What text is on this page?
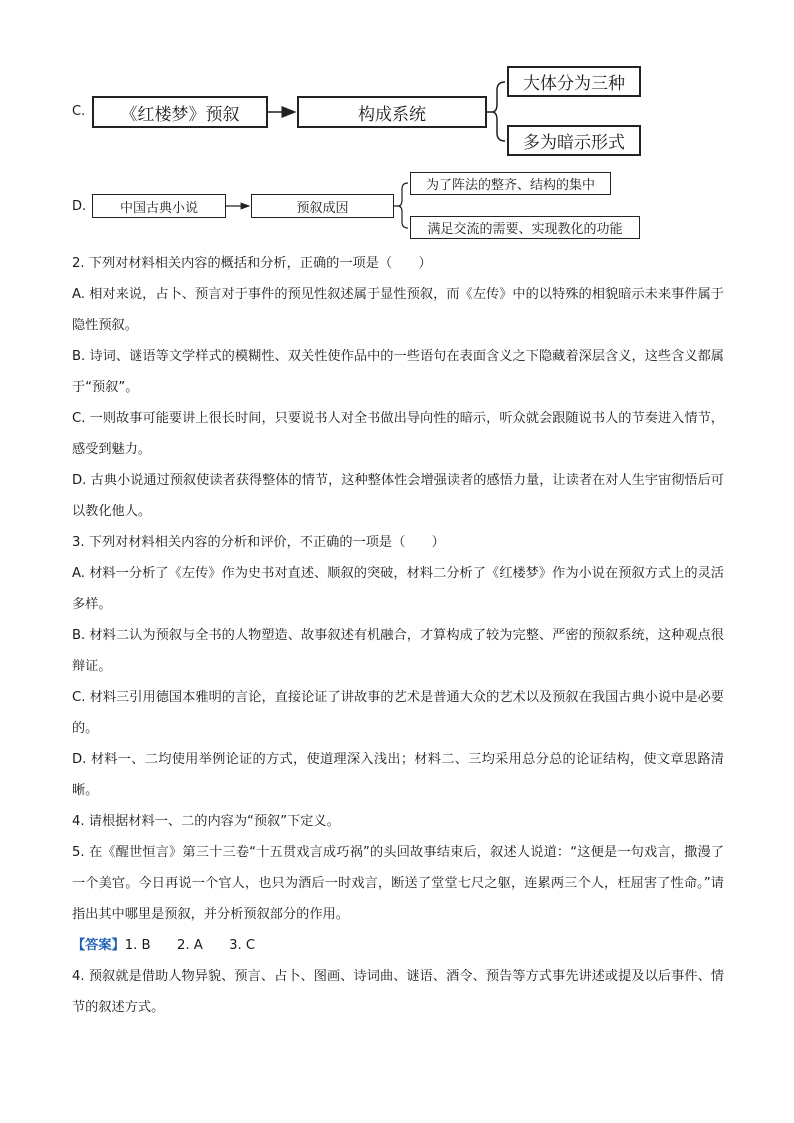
C.	《红楼梦》预叙	构成系统
大体分为三种
多为暗示形式
D.	中国古典小说	预叙成因
为了阵法的整齐、结构的集中
满足交流的需要、实现教化的功能

2. 下列对材料相关内容的概括和分析，正确的一项是（　　）

A. 相对来说，占卜、预言对于事件的预见性叙述属于显性预叙，而《左传》中的以特殊的相貌暗示未来事件属于隐性预叙。

B. 诗词、谜语等文学样式的模糊性、双关性使作品中的一些语句在表面含义之下隐藏着深层含义，这些含义都属于“预叙”。

C. 一则故事可能要讲上很长时间，只要说书人对全书做出导向性的暗示，听众就会跟随说书人的节奏进入情节，感受到魅力。

D. 古典小说通过预叙使读者获得整体的情节，这种整体性会增强读者的感悟力量，让读者在对人生宇宙彻悟后可以教化他人。

3. 下列对材料相关内容的分析和评价，不正确的一项是（　　）

A. 材料一分析了《左传》作为史书对直述、顺叙的突破，材料二分析了《红楼梦》作为小说在预叙方式上的灵活多样。

B. 材料二认为预叙与全书的人物塑造、故事叙述有机融合，才算构成了较为完整、严密的预叙系统，这种观点很辩证。

C. 材料三引用德国本雅明的言论，直接论证了讲故事的艺术是普通大众的艺术以及预叙在我国古典小说中是必要的。

D. 材料一、二均使用举例论证的方式，使道理深入浅出；材料二、三均采用总分总的论证结构，使文章思路清晰。

4. 请根据材料一、二的内容为“预叙”下定义。

5. 在《醒世恒言》第三十三卷“十五贯戏言成巧祸”的头回故事结束后，叙述人说道：“这便是一句戏言，撒漫了一个美官。今日再说一个官人，也只为酒后一时戏言，断送了堂堂七尺之躯，连累两三个人，枉屈害了性命。”请指出其中哪里是预叙，并分析预叙部分的作用。

【答案】1. B　　2. A　　3. C

4. 预叙就是借助人物异貌、预言、占卜、图画、诗词曲、谜语、酒令、预告等方式事先讲述或提及以后事件、情节的叙述方式。
